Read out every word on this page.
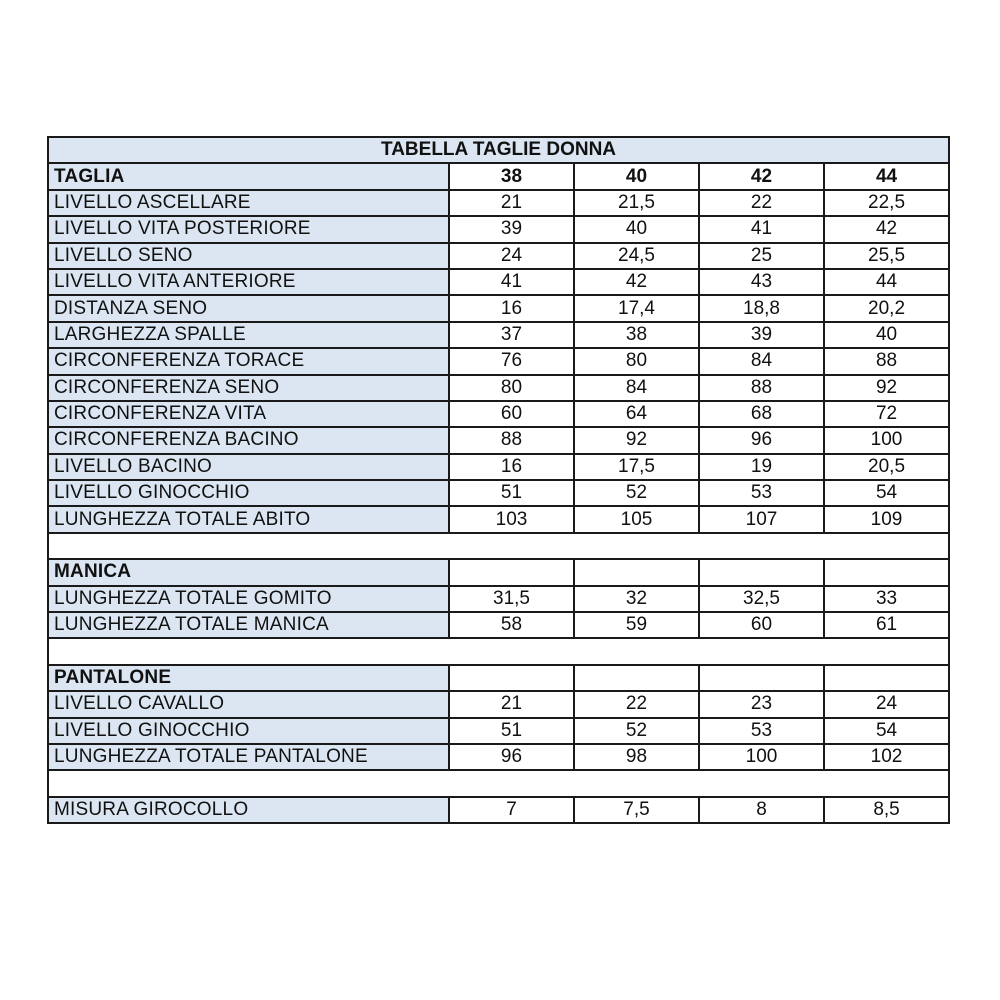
TABELLA TAGLIE DONNA				
TAGLIA	38	40	42	44
LIVELLO ASCELLARE	21	21,5	22	22,5
LIVELLO VITA POSTERIORE	39	40	41	42
LIVELLO SENO	24	24,5	25	25,5
LIVELLO VITA ANTERIORE	41	42	43	44
DISTANZA SENO	16	17,4	18,8	20,2
LARGHEZZA SPALLE	37	38	39	40
CIRCONFERENZA TORACE	76	80	84	88
CIRCONFERENZA SENO	80	84	88	92
CIRCONFERENZA VITA	60	64	68	72
CIRCONFERENZA BACINO	88	92	96	100
LIVELLO BACINO	16	17,5	19	20,5
LIVELLO GINOCCHIO	51	52	53	54
LUNGHEZZA TOTALE ABITO	103	105	107	109

MANICA				
LUNGHEZZA TOTALE GOMITO	31,5	32	32,5	33
LUNGHEZZA TOTALE MANICA	58	59	60	61

PANTALONE				
LIVELLO CAVALLO	21	22	23	24
LIVELLO GINOCCHIO	51	52	53	54
LUNGHEZZA TOTALE PANTALONE	96	98	100	102

MISURA GIROCOLLO	7	7,5	8	8,5
